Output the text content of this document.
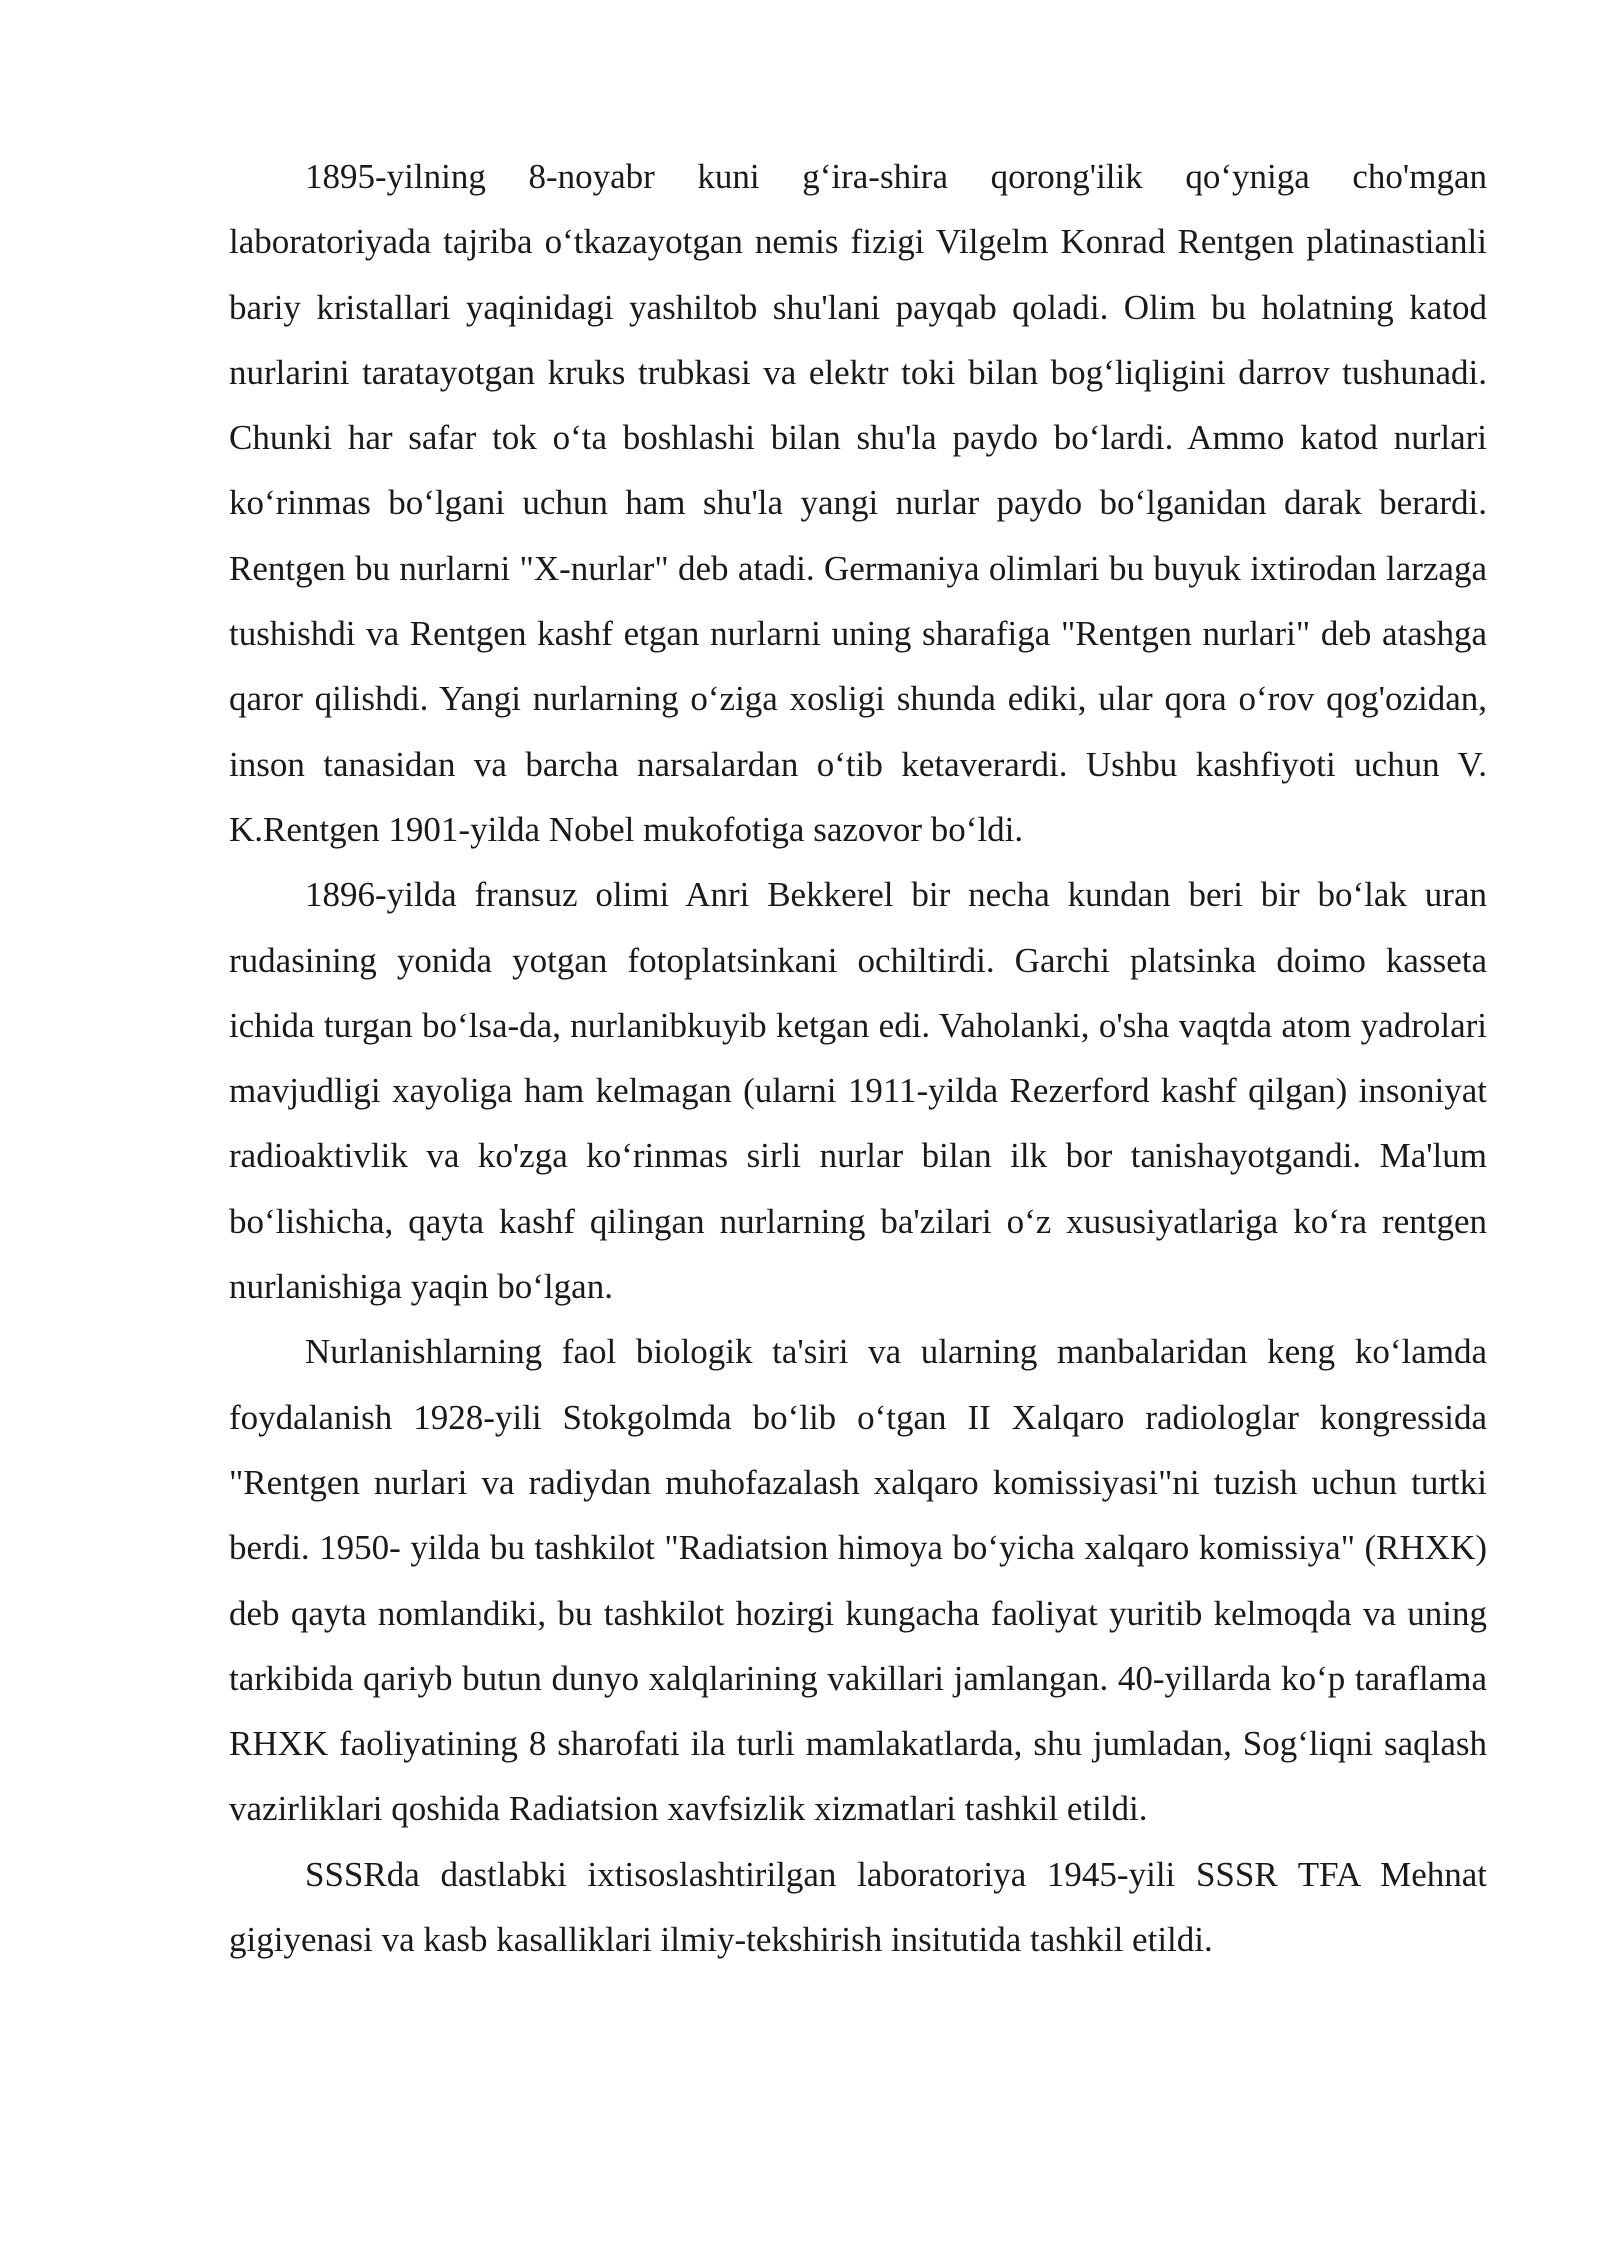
1895-yilning 8-noyabr kuni g‘ira-shira qorong'ilik qo‘yniga cho'mgan laboratoriyada tajriba o‘tkazayotgan nemis fizigi Vilgelm Konrad Rentgen platinastianli bariy kristallari yaqinidagi yashiltob shu'lani payqab qoladi. Olim bu holatning katod nurlarini taratayotgan kruks trubkasi va elektr toki bilan bog‘liqligini darrov tushunadi. Chunki har safar tok o‘ta boshlashi bilan shu'la paydo bo‘lardi. Ammo katod nurlari ko‘rinmas bo‘lgani uchun ham shu'la yangi nurlar paydo bo‘lganidan darak berardi. Rentgen bu nurlarni "X-nurlar" deb atadi. Germaniya olimlari bu buyuk ixtirodan larzaga tushishdi va Rentgen kashf etgan nurlarni uning sharafiga "Rentgen nurlari" deb atashga qaror qilishdi. Yangi nurlarning o‘ziga xosligi shunda ediki, ular qora o‘rov qog'ozidan, inson tanasidan va barcha narsalardan o‘tib ketaverardi. Ushbu kashfiyoti uchun V. K.Rentgen 1901-yilda Nobel mukofotiga sazovor bo‘ldi.

1896-yilda fransuz olimi Anri Bekkerel bir necha kundan beri bir bo‘lak uran rudasining yonida yotgan fotoplatsinkani ochiltirdi. Garchi platsinka doimo kasseta ichida turgan bo‘lsa-da, nurlanibkuyib ketgan edi. Vaholanki, o'sha vaqtda atom yadrolari mavjudligi xayoliga ham kelmagan (ularni 1911-yilda Rezerford kashf qilgan) insoniyat radioaktivlik va ko'zga ko‘rinmas sirli nurlar bilan ilk bor tanishayotgandi. Ma'lum bo‘lishicha, qayta kashf qilingan nurlarning ba'zilari o‘z xususiyatlariga ko‘ra rentgen nurlanishiga yaqin bo‘lgan.

Nurlanishlarning faol biologik ta'siri va ularning manbalaridan keng ko‘lamda foydalanish 1928-yili Stokgolmda bo‘lib o‘tgan II Xalqaro radiologlar kongressida "Rentgen nurlari va radiydan muhofazalash xalqaro komissiyasi"ni tuzish uchun turtki berdi. 1950- yilda bu tashkilot "Radiatsion himoya bo‘yicha xalqaro komissiya" (RHXK) deb qayta nomlandiki, bu tashkilot hozirgi kungacha faoliyat yuritib kelmoqda va uning tarkibida qariyb butun dunyo xalqlarining vakillari jamlangan. 40-yillarda ko‘p taraflama RHXK faoliyatining 8 sharofati ila turli mamlakatlarda, shu jumladan, Sog‘liqni saqlash vazirliklari qoshida Radiatsion xavfsizlik xizmatlari tashkil etildi.

SSSRda dastlabki ixtisoslashtirilgan laboratoriya 1945-yili SSSR TFA Mehnat gigiyenasi va kasb kasalliklari ilmiy-tekshirish insitutida tashkil etildi.
